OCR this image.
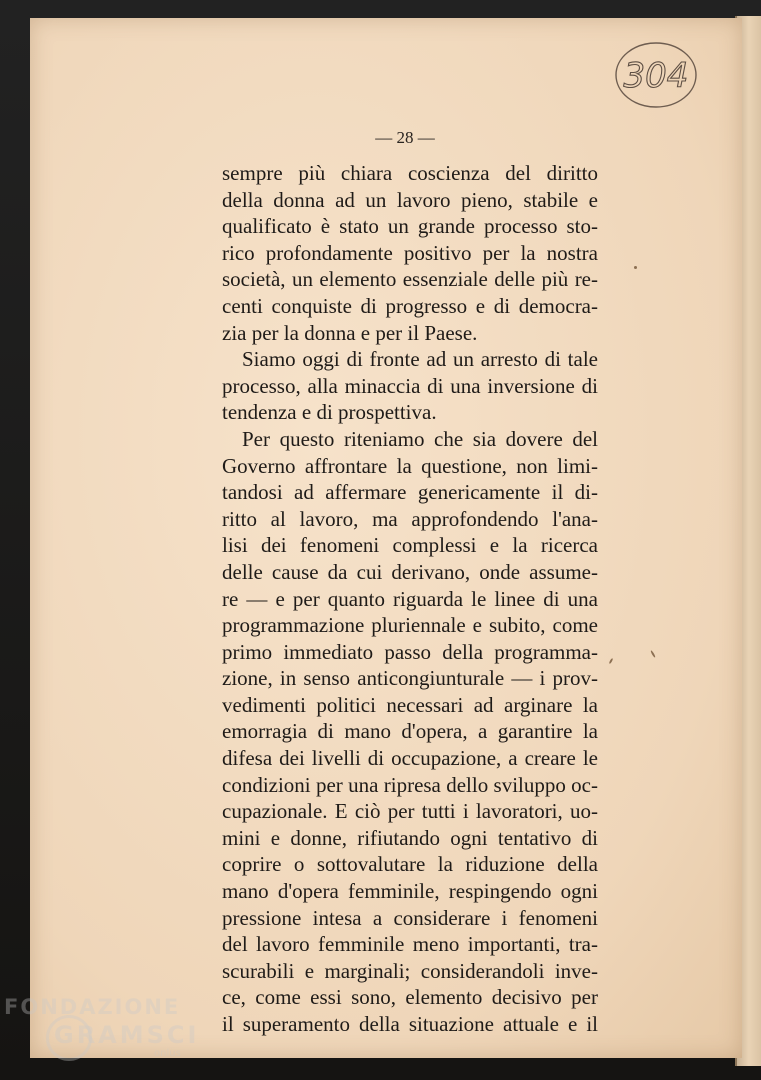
304
— 28 —
sempre più chiara coscienza del diritto
della donna ad un lavoro pieno, stabile e
qualificato è stato un grande processo sto-
rico profondamente positivo per la nostra
società, un elemento essenziale delle più re-
centi conquiste di progresso e di democra-
zia per la donna e per il Paese.
Siamo oggi di fronte ad un arresto di tale
processo, alla minaccia di una inversione di
tendenza e di prospettiva.
Per questo riteniamo che sia dovere del
Governo affrontare la questione, non limi-
tandosi ad affermare genericamente il di-
ritto al lavoro, ma approfondendo l'ana-
lisi dei fenomeni complessi e la ricerca
delle cause da cui derivano, onde assume-
re — e per quanto riguarda le linee di una
programmazione pluriennale e subito, come
primo immediato passo della programma-
zione, in senso anticongiunturale — i prov-
vedimenti politici necessari ad arginare la
emorragia di mano d'opera, a garantire la
difesa dei livelli di occupazione, a creare le
condizioni per una ripresa dello sviluppo oc-
cupazionale. E ciò per tutti i lavoratori, uo-
mini e donne, rifiutando ogni tentativo di
coprire o sottovalutare la riduzione della
mano d'opera femminile, respingendo ogni
pressione intesa a considerare i fenomeni
del lavoro femminile meno importanti, tra-
scurabili e marginali; considerandoli inve-
ce, come essi sono, elemento decisivo per
il superamento della situazione attuale e il
FONDAZIONE
GRAMSCI
onlus
